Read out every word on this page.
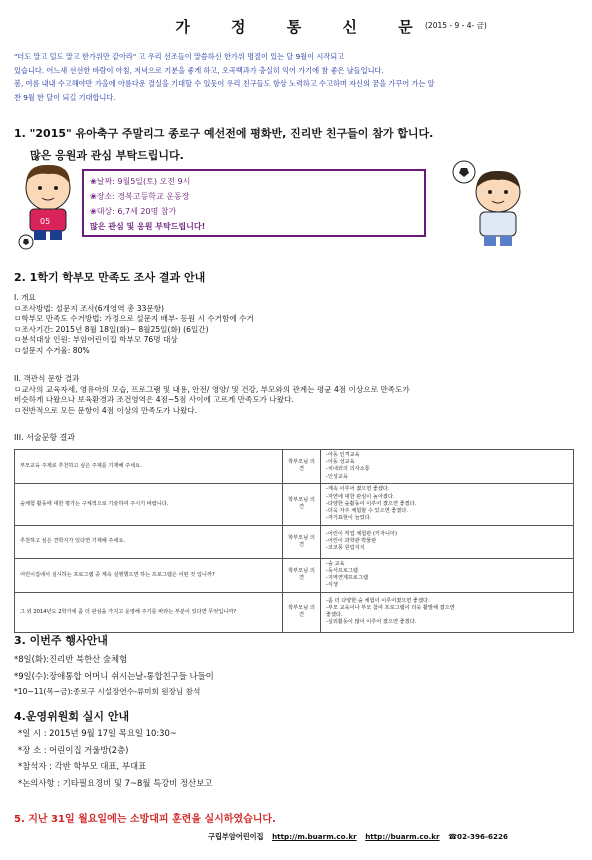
가 정 통 신 문
(2015 - 9 - 4- 금)
"더도 말고 덜도 말고 한가위만 같아라" 고 우리 선조들이 말씀하신 한가위 명절이 있는 달 9월이 시작되고
있습니다. 어느새 선선한 바람이 아침, 저녁으로 기분을 좋게 하고, 오곡백과가 충실히 익어 가기에 참 좋은 날들입니다.
봄, 여름 내내 수고해야만 가을에 아름다운 결실을 기대할 수 있듯이 우리 친구들도 항상 노력하고 수고하며 자신의 꿈을 가꾸어 가는 알
찬 9월 한 달이 되길 기대합니다.
1. "2015" 유아축구 주말리그 종로구 예선전에 평화반, 진리반 친구들이 참가 합니다.
많은 응원과 관심 부탁드립니다.
05
❀날짜: 9월5일(토) 오전 9시
❀장소: 경복고등학교 운동장
❀대상: 6,7세 20명 참가
많은 관심 및 응원 부탁드립니다!
2. 1학기 학부모 만족도 조사 결과 안내
I. 개요
ㅁ조사방법: 설문지 조사(6개영역 총 33문항)
ㅁ학부모 만족도 수거방법: 가정으로 설문지 배부- 등원 시 수거함에 수거
ㅁ조사기간: 2015년 8월 18일(화)~ 8월25일(화) (6일간)
ㅁ분석대상 인원: 부암어린이집 학부모 76명 대상
ㅁ설문지 수거율: 80%
II. 객관식 문항 결과
ㅁ교사의 교육자세, 영유아의 모습, 프로그램 및 내용, 안전/ 영양/ 및 건강, 부모와의 관계는 평균 4점 이상으로 만족도가
비슷하게 나왔으나 보육환경과 조건영역은 4점~5점 사이에 고르게 만족도가 나왔다.
ㅁ전반적으로 모든 문항이 4점 이상의 만족도가 나왔다.
III. 서술문항 결과
부모교육 주제로 추천하고 싶은 주제를 기재해 주세요.	학부모님 의견	-아동 인격교육
-아동 성교육
-치내외의 의사소통
-인성교육

숲체험 활동에 대한 평가는 구체적으로 기술하여 주시기 바랍니다.	학부모님 의견	-계속 이루어 졌으면 좋겠다.
-자연에 대한 관심이 높아졌다.
-다양한 숲활동이 이루어 졌으면 좋겠다.
-더욱 자주 체험할 수 있으면 좋겠다.
-자기표현이 늘었다.

추천하고 싶은 견학지가 있다면 기재해 주세요.	학부모님 의견	-어린이 직업 체험관 (키자니아)
-어린이 과학관 박물관
-코코몽 원림지지

어린이집에서 실시하는 프로그램 중 계속 실행했으면 하는 프로그램은 어떤 것 입니까?	학부모님 의견	-숲 교육
-독서프로그램
-지역연계프로그램
-식생

그 외 2014년도 2학기에 좀 더 관심을 가지고 운영해 주기를 바라는 부분이 있다면 무엇입니까?	학부모님 의견	-좀 더 다양한 숲 체험이 이루어졌으면 좋겠다.
-부모 교육이나 부모 참여 프로그램이 더욱 활발해 졌으면
좋겠다.
-실외활동이 많이 이루어 졌으면 좋겠다.
3. 이번주 행사안내
*8일(화):진리반 북한산 숲체험
*9일(수):장애통합 어머니 쉬시는날-통합친구들 나들이
*10~11(목~금):종로구 시설장연수-류미희 원장님 참석
4.운영위원회 실시 안내
*일 시 : 2015년 9월 17일 목요일 10:30~
*장 소 : 어린이집 거울방(2층)
*참석자 : 각반 학부모 대표, 부대표
*논의사항 : 기타필요경비 및 7~8월 특강비 정산보고
5. 지난 31일 월요일에는 소방대피 훈련을 실시하였습니다.
구립부암어린이집 http://m.buarm.co.kr http://buarm.co.kr ☎02-396-6226
